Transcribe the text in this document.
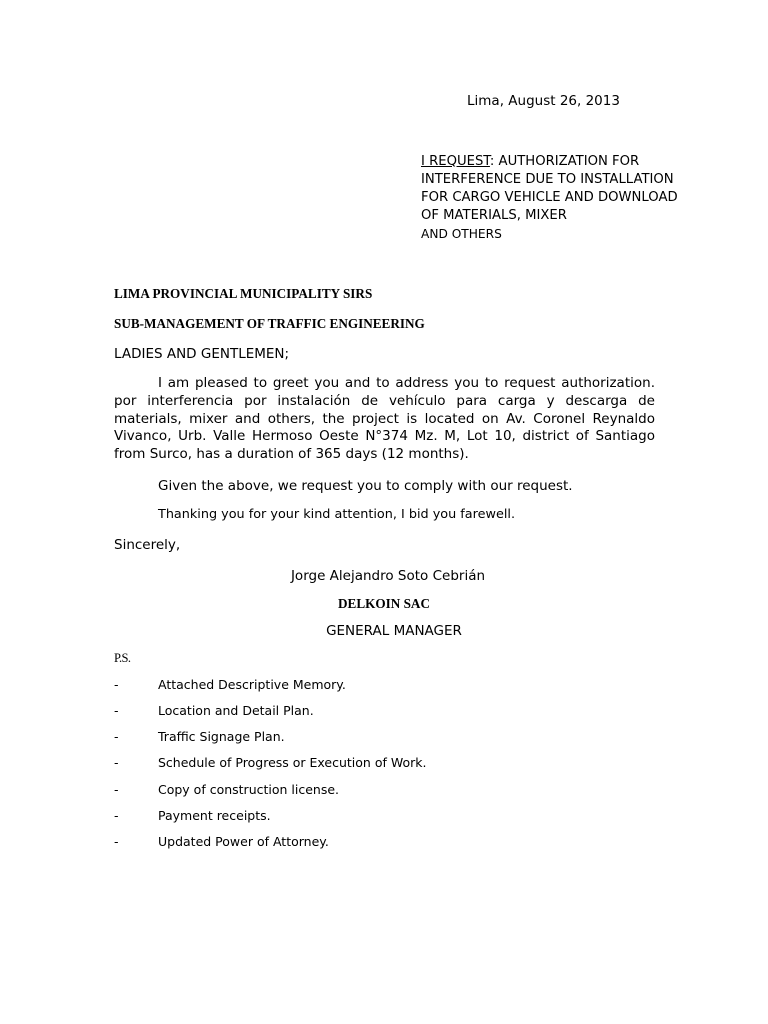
Lima, August 26, 2013
I REQUEST: AUTHORIZATION FOR INTERFERENCE DUE TO INSTALLATION FOR CARGO VEHICLE AND DOWNLOAD OF MATERIALS, MIXER
AND OTHERS
LIMA PROVINCIAL MUNICIPALITY SIRS
SUB-MANAGEMENT OF TRAFFIC ENGINEERING
LADIES AND GENTLEMEN;
I am pleased to greet you and to address you to request authorization. por interferencia por instalación de vehículo para carga y descarga de materials, mixer and others, the project is located on Av. Coronel Reynaldo Vivanco, Urb. Valle Hermoso Oeste N°374 Mz. M, Lot 10, district of Santiago from Surco, has a duration of 365 days (12 months).
Given the above, we request you to comply with our request.
Thanking you for your kind attention, I bid you farewell.
Sincerely,
Jorge Alejandro Soto Cebrián
DELKOIN SAC
GENERAL MANAGER
P.S.
-	Attached Descriptive Memory.
-	Location and Detail Plan.
-	Traffic Signage Plan.
-	Schedule of Progress or Execution of Work.
-	Copy of construction license.
-	Payment receipts.
-	Updated Power of Attorney.
